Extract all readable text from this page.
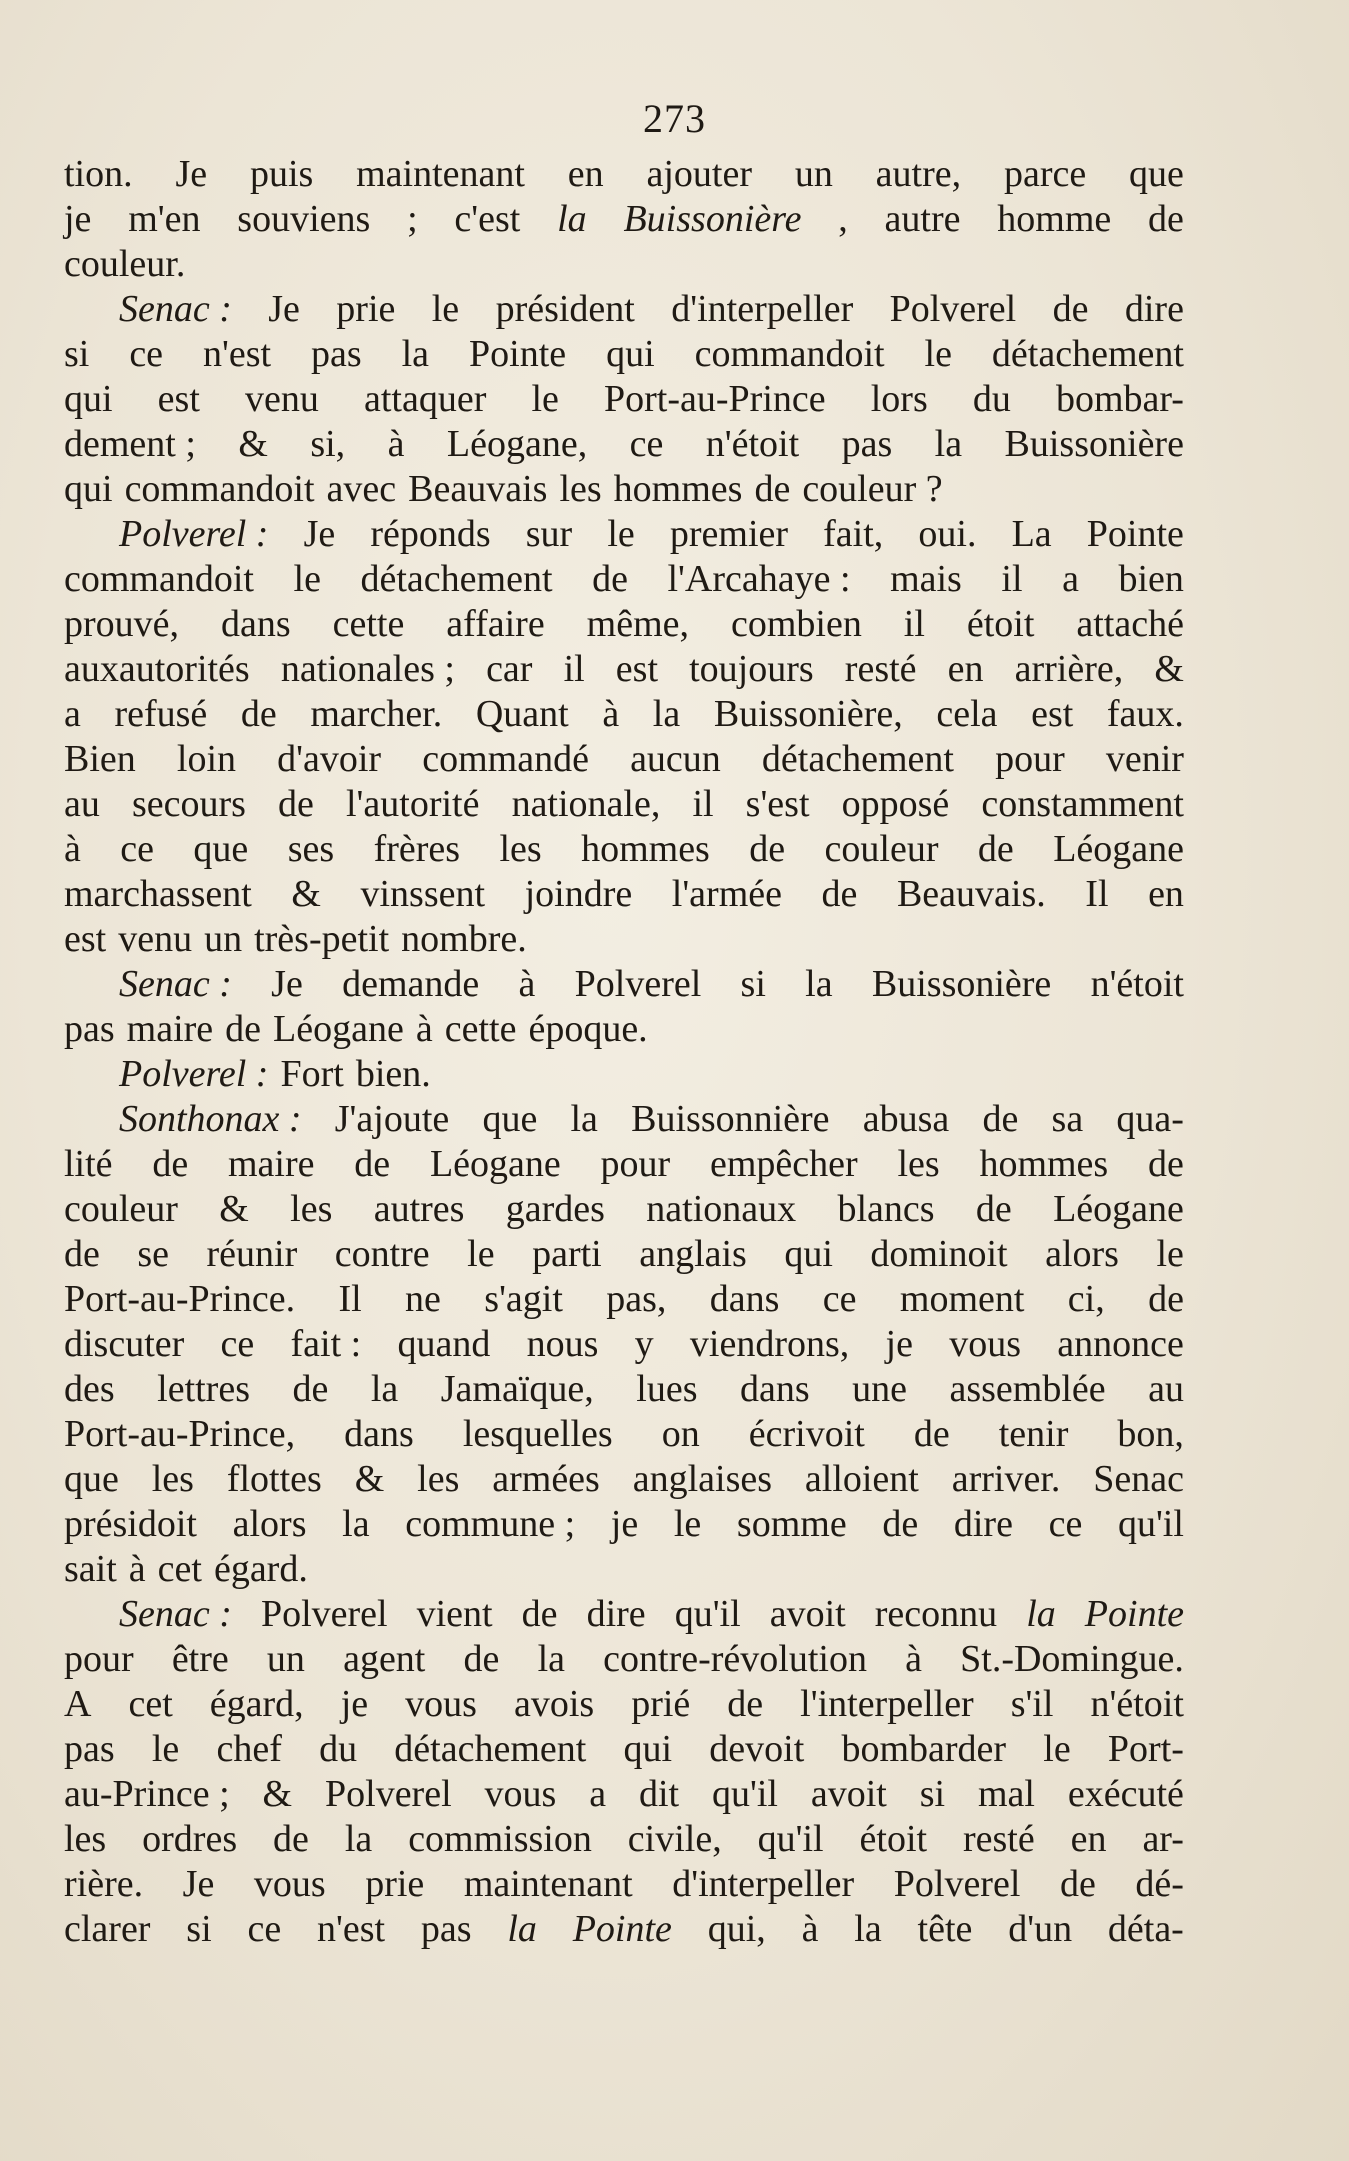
273
tion. Je puis maintenant en ajouter un autre, parce que
je m'en souviens ; c'est la Buissonière , autre homme de
couleur.
Senac : Je prie le président d'interpeller Polverel de dire
si ce n'est pas la Pointe qui commandoit le détachement
qui est venu attaquer le Port-au-Prince lors du bombar-
dement ; & si, à Léogane, ce n'étoit pas la Buissonière
qui commandoit avec Beauvais les hommes de couleur ?
Polverel : Je réponds sur le premier fait, oui. La Pointe
commandoit le détachement de l'Arcahaye : mais il a bien
prouvé, dans cette affaire même, combien il étoit attaché
auxautorités nationales ; car il est toujours resté en arrière, &
a refusé de marcher. Quant à la Buissonière, cela est faux.
Bien loin d'avoir commandé aucun détachement pour venir
au secours de l'autorité nationale, il s'est opposé constamment
à ce que ses frères les hommes de couleur de Léogane
marchassent & vinssent joindre l'armée de Beauvais. Il en
est venu un très-petit nombre.
Senac : Je demande à Polverel si la Buissonière n'étoit
pas maire de Léogane à cette époque.
Polverel : Fort bien.
Sonthonax : J'ajoute que la Buissonnière abusa de sa qua-
lité de maire de Léogane pour empêcher les hommes de
couleur & les autres gardes nationaux blancs de Léogane
de se réunir contre le parti anglais qui dominoit alors le
Port-au-Prince. Il ne s'agit pas, dans ce moment ci, de
discuter ce fait : quand nous y viendrons, je vous annonce
des lettres de la Jamaïque, lues dans une assemblée au
Port-au-Prince, dans lesquelles on écrivoit de tenir bon,
que les flottes & les armées anglaises alloient arriver. Senac
présidoit alors la commune ; je le somme de dire ce qu'il
sait à cet égard.
Senac : Polverel vient de dire qu'il avoit reconnu la Pointe
pour être un agent de la contre-révolution à St.-Domingue.
A cet égard, je vous avois prié de l'interpeller s'il n'étoit
pas le chef du détachement qui devoit bombarder le Port-
au-Prince ; & Polverel vous a dit qu'il avoit si mal exécuté
les ordres de la commission civile, qu'il étoit resté en ar-
rière. Je vous prie maintenant d'interpeller Polverel de dé-
clarer si ce n'est pas la Pointe qui, à la tête d'un déta-
